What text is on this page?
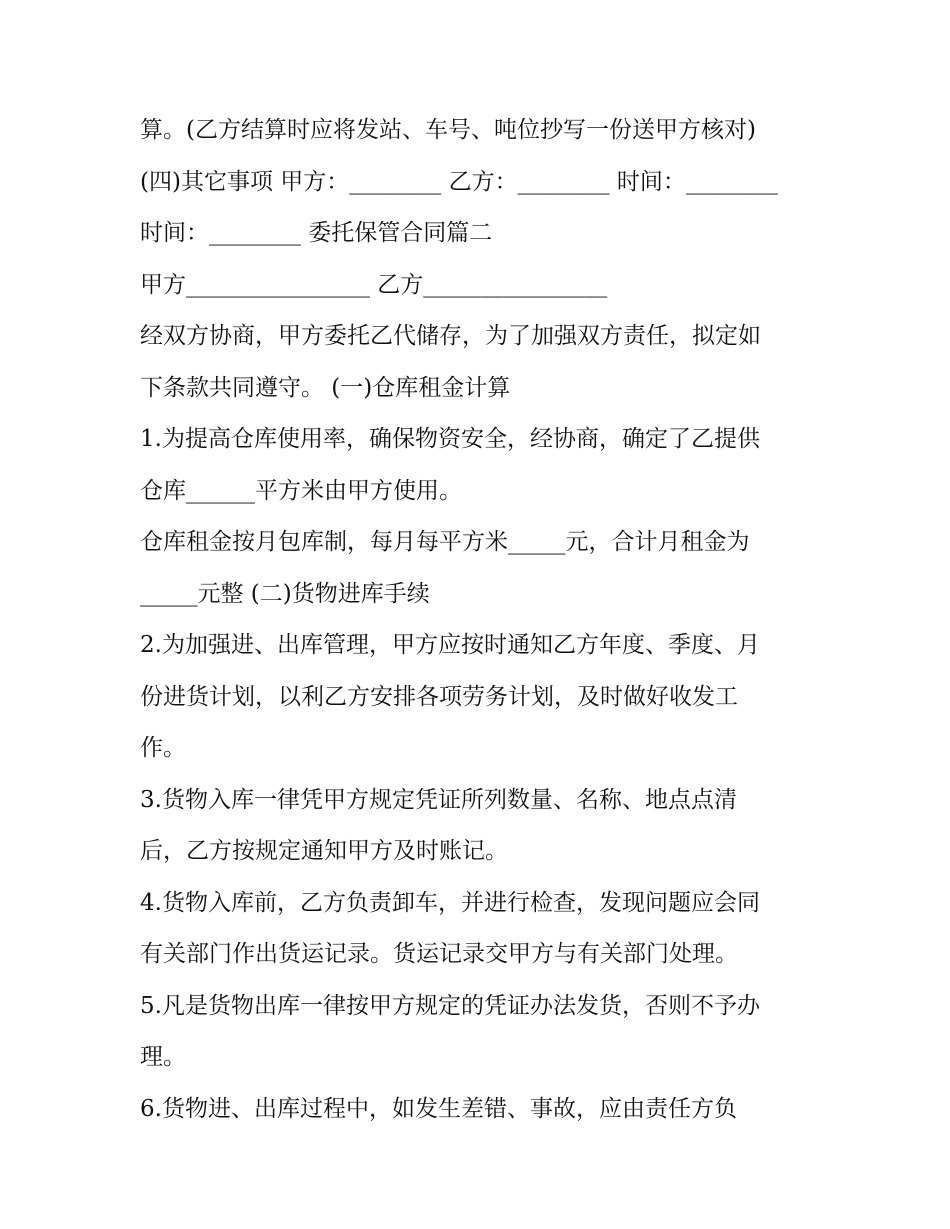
算。(乙方结算时应将发站、车号、吨位抄写一份送甲方核对)
(四)其它事项 甲方：________ 乙方：________ 时间：________
时间：________ 委托保管合同篇二
甲方________________ 乙方________________
经双方协商，甲方委托乙代储存，为了加强双方责任，拟定如
下条款共同遵守。 (一)仓库租金计算
1.为提高仓库使用率，确保物资安全，经协商，确定了乙提供
仓库______平方米由甲方使用。
仓库租金按月包库制，每月每平方米_____元，合计月租金为
_____元整 (二)货物进库手续
2.为加强进、出库管理，甲方应按时通知乙方年度、季度、月
份进货计划，以利乙方安排各项劳务计划，及时做好收发工
作。
3.货物入库一律凭甲方规定凭证所列数量、名称、地点点清
后，乙方按规定通知甲方及时账记。
4.货物入库前，乙方负责卸车，并进行检查，发现问题应会同
有关部门作出货运记录。货运记录交甲方与有关部门处理。
5.凡是货物出库一律按甲方规定的凭证办法发货，否则不予办
理。
6.货物进、出库过程中，如发生差错、事故，应由责任方负
